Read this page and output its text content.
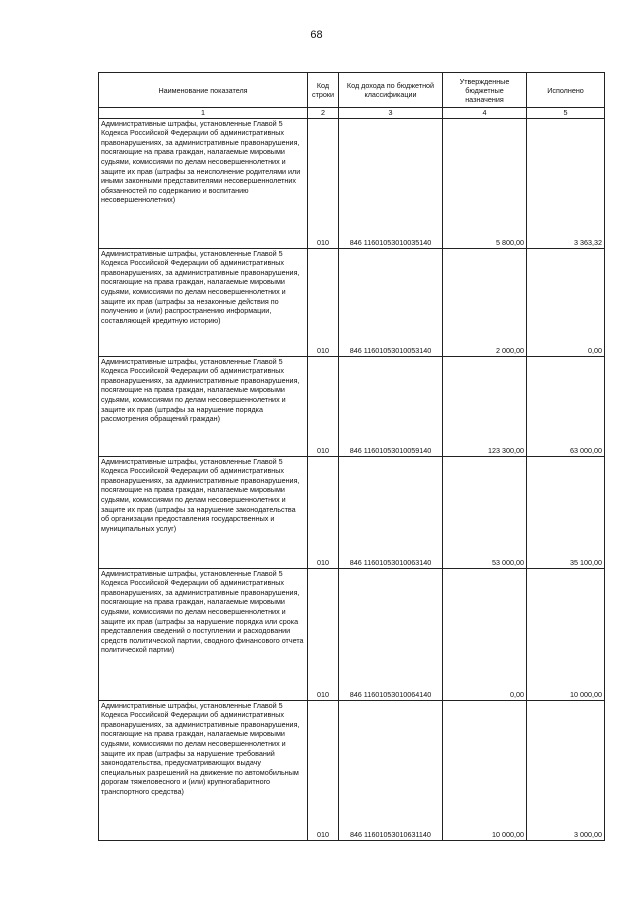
68
Наименование показателя	Код строки	Код дохода по бюджетной классификации	Утвержденные бюджетные назначения	Исполнено
1	2	3	4	5
Административные штрафы, установленные Главой 5 Кодекса Российской Федерации об административных правонарушениях, за административные правонарушения, посягающие на права граждан, налагаемые мировыми судьями, комиссиями по делам несовершеннолетних и защите их прав (штрафы за неисполнение родителями или иными законными представителями несовершеннолетних обязанностей по содержанию и воспитанию несовершеннолетних)	010	846 11601053010035140	5 800,00	3 363,32
Административные штрафы, установленные Главой 5 Кодекса Российской Федерации об административных правонарушениях, за административные правонарушения, посягающие на права граждан, налагаемые мировыми судьями, комиссиями по делам несовершеннолетних и защите их прав (штрафы за незаконные действия по получению и (или) распространению информации, составляющей кредитную историю)	010	846 11601053010053140	2 000,00	0,00
Административные штрафы, установленные Главой 5 Кодекса Российской Федерации об административных правонарушениях, за административные правонарушения, посягающие на права граждан, налагаемые мировыми судьями, комиссиями по делам несовершеннолетних и защите их прав (штрафы за нарушение порядка рассмотрения обращений граждан)	010	846 11601053010059140	123 300,00	63 000,00
Административные штрафы, установленные Главой 5 Кодекса Российской Федерации об административных правонарушениях, за административные правонарушения, посягающие на права граждан, налагаемые мировыми судьями, комиссиями по делам несовершеннолетних и защите их прав (штрафы за нарушение законодательства об организации предоставления государственных и муниципальных услуг)	010	846 11601053010063140	53 000,00	35 100,00
Административные штрафы, установленные Главой 5 Кодекса Российской Федерации об административных правонарушениях, за административные правонарушения, посягающие на права граждан, налагаемые мировыми судьями, комиссиями по делам несовершеннолетних и защите их прав (штрафы за нарушение порядка или срока представления сведений о поступлении и расходовании средств политической партии, сводного финансового отчета политической партии)	010	846 11601053010064140	0,00	10 000,00
Административные штрафы, установленные Главой 5 Кодекса Российской Федерации об административных правонарушениях, за административные правонарушения, посягающие на права граждан, налагаемые мировыми судьями, комиссиями по делам несовершеннолетних и защите их прав (штрафы за нарушение требований законодательства, предусматривающих выдачу специальных разрешений на движение по автомобильным дорогам тяжеловесного и (или) крупногабаритного транспортного средства)	010	846 11601053010631140	10 000,00	3 000,00
